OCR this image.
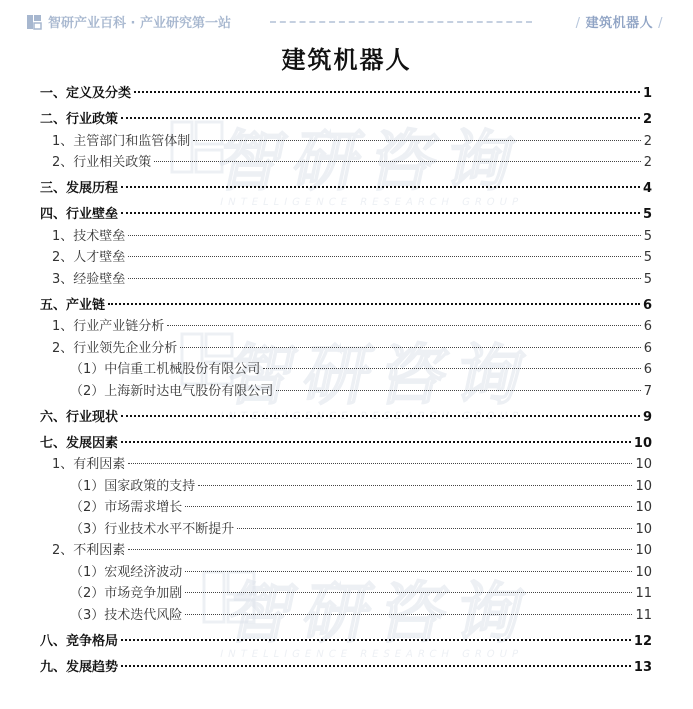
智研产业百科 · 产业研究第一站	/ 建筑机器人 /
建筑机器人
智研咨询
INTELLIGENCE RESEARCH GROUP
智研咨询
INTELLIGENCE RESEARCH GROUP
智研咨询
INTELLIGENCE RESEARCH GROUP
一、定义及分类	1
二、行业政策	2
1、主管部门和监管体制	2
2、行业相关政策	2
三、发展历程	4
四、行业壁垒	5
1、技术壁垒	5
2、人才壁垒	5
3、经验壁垒	5
五、产业链	6
1、行业产业链分析	6
2、行业领先企业分析	6
（1）中信重工机械股份有限公司	6
（2）上海新时达电气股份有限公司	7
六、行业现状	9
七、发展因素	10
1、有利因素	10
（1）国家政策的支持	10
（2）市场需求增长	10
（3）行业技术水平不断提升	10
2、不利因素	10
（1）宏观经济波动	10
（2）市场竞争加剧	11
（3）技术迭代风险	11
八、竞争格局	12
九、发展趋势	13
